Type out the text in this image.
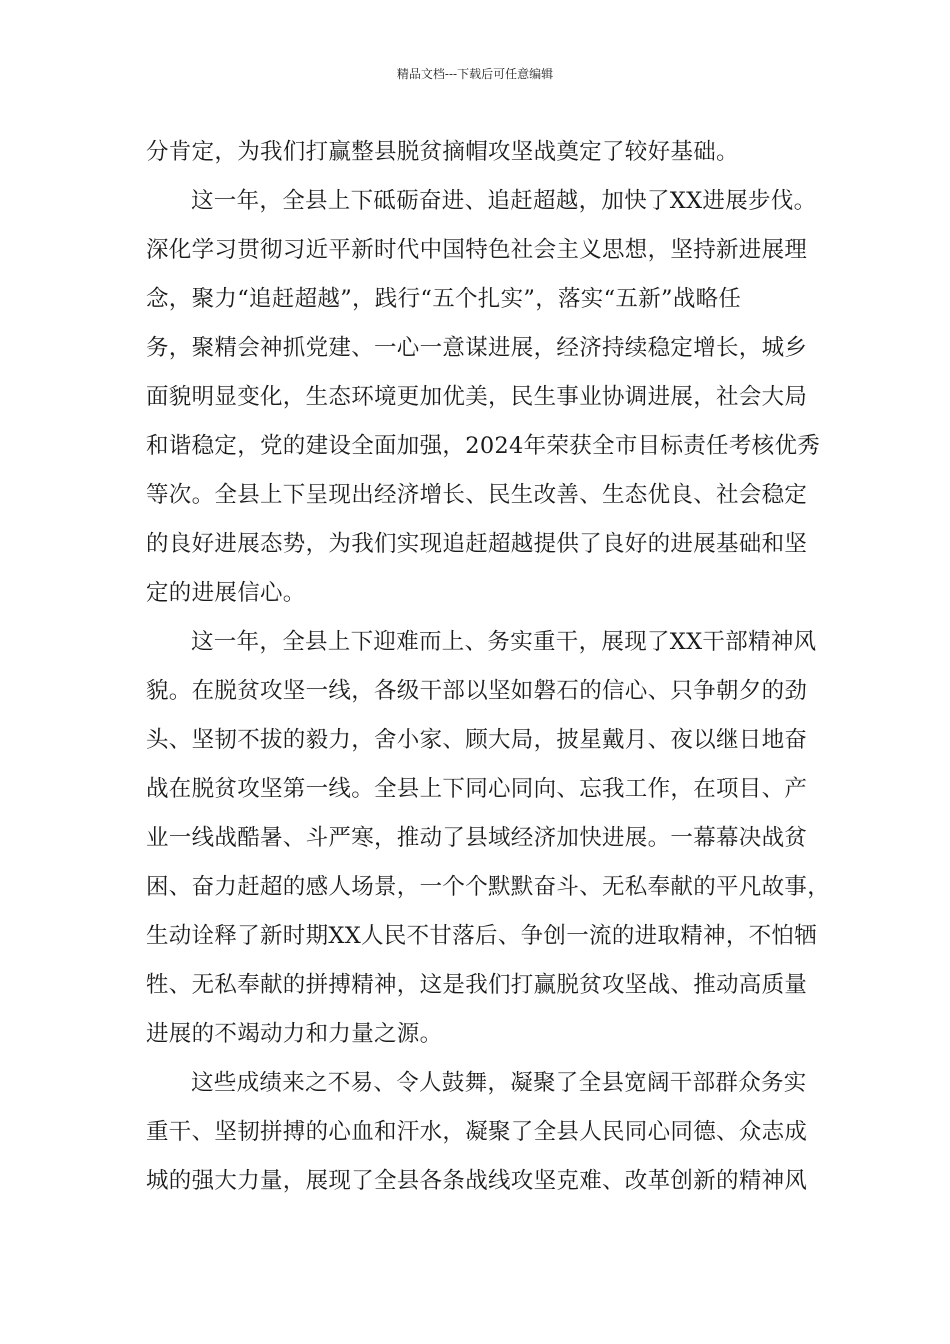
精品文档---下载后可任意编辑
分肯定，为我们打赢整县脱贫摘帽攻坚战奠定了较好基础。
这一年，全县上下砥砺奋进、追赶超越，加快了XX进展步伐。
深化学习贯彻习近平新时代中国特色社会主义思想，坚持新进展理
念，聚力“追赶超越”，践行“五个扎实”，落实“五新”战略任
务，聚精会神抓党建、一心一意谋进展，经济持续稳定增长，城乡
面貌明显变化，生态环境更加优美，民生事业协调进展，社会大局
和谐稳定，党的建设全面加强，2024年荣获全市目标责任考核优秀
等次。全县上下呈现出经济增长、民生改善、生态优良、社会稳定
的良好进展态势，为我们实现追赶超越提供了良好的进展基础和坚
定的进展信心。
这一年，全县上下迎难而上、务实重干，展现了XX干部精神风
貌。在脱贫攻坚一线，各级干部以坚如磐石的信心、只争朝夕的劲
头、坚韧不拔的毅力，舍小家、顾大局，披星戴月、夜以继日地奋
战在脱贫攻坚第一线。全县上下同心同向、忘我工作，在项目、产
业一线战酷暑、斗严寒，推动了县域经济加快进展。一幕幕决战贫
困、奋力赶超的感人场景，一个个默默奋斗、无私奉献的平凡故事，
生动诠释了新时期XX人民不甘落后、争创一流的进取精神，不怕牺
牲、无私奉献的拼搏精神，这是我们打赢脱贫攻坚战、推动高质量
进展的不竭动力和力量之源。
这些成绩来之不易、令人鼓舞，凝聚了全县宽阔干部群众务实
重干、坚韧拼搏的心血和汗水，凝聚了全县人民同心同德、众志成
城的强大力量，展现了全县各条战线攻坚克难、改革创新的精神风
